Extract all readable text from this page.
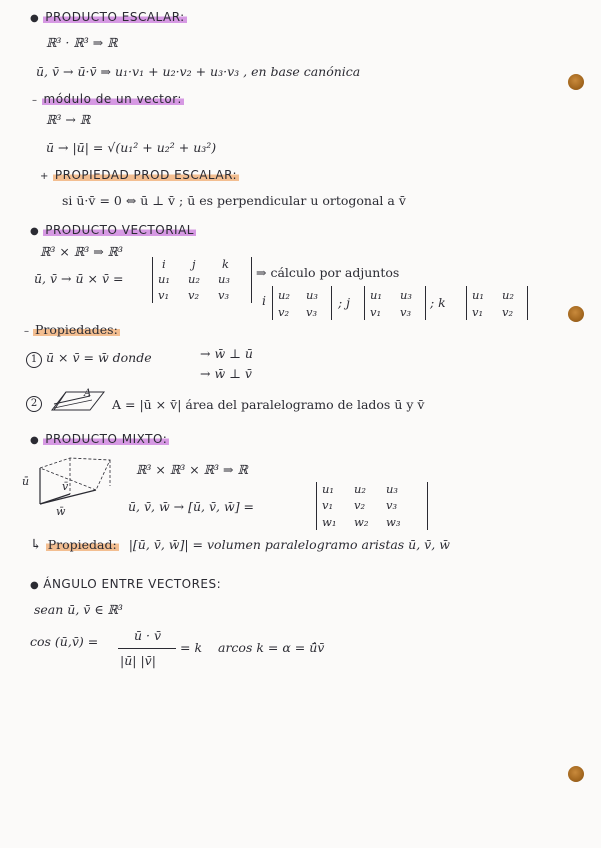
● PRODUCTO ESCALAR:
ℝ³ · ℝ³ ⇒ ℝ
ū, v̄ → ū·v̄ ⇒ u₁·v₁ + u₂·v₂ + u₃·v₃ , en base canónica
– módulo de un vector:
ℝ³ → ℝ
ū → |ū| = √(u₁² + u₂² + u₃²)
+ PROPIEDAD PROD ESCALAR:
si ū·v̄ = 0 ⇔ ū ⊥ v̄ ; ū es perpendicular u ortogonal a v̄
● PRODUCTO VECTORIAL
ℝ³ × ℝ³ ⇒ ℝ³
ū, v̄ → ū × v̄ =
i j k
u₁ u₂ u₃
v₁ v₂ v₃
⇒ cálculo por adjuntos
i u₂ u₃
v₂ v₃
; j u₁ u₃
v₁ v₃
; k u₁ u₂
v₁ v₂
– Propiedades:
1 ū × v̄ = w̄ donde	→ w̄ ⊥ ū
→ w̄ ⊥ v̄
2
A
A = |ū × v̄| área del paralelogramo de lados ū y v̄
● PRODUCTO MIXTO:
ū	v̄
w̄
ℝ³ × ℝ³ × ℝ³ ⇒ ℝ
ū, v̄, w̄ → [ū, v̄, w̄] =
u₁ u₂ u₃
v₁ v₂ v₃
w₁ w₂ w₃
↳ Propiedad: |[ū, v̄, w̄]| = volumen paralelogramo aristas ū, v̄, w̄
● ÁNGULO ENTRE VECTORES:
sean ū, v̄ ∈ ℝ³
cos (ū,v̄) =	ū · v̄
|ū| |v̄|
= k arcos k = α = ū̂v̄
